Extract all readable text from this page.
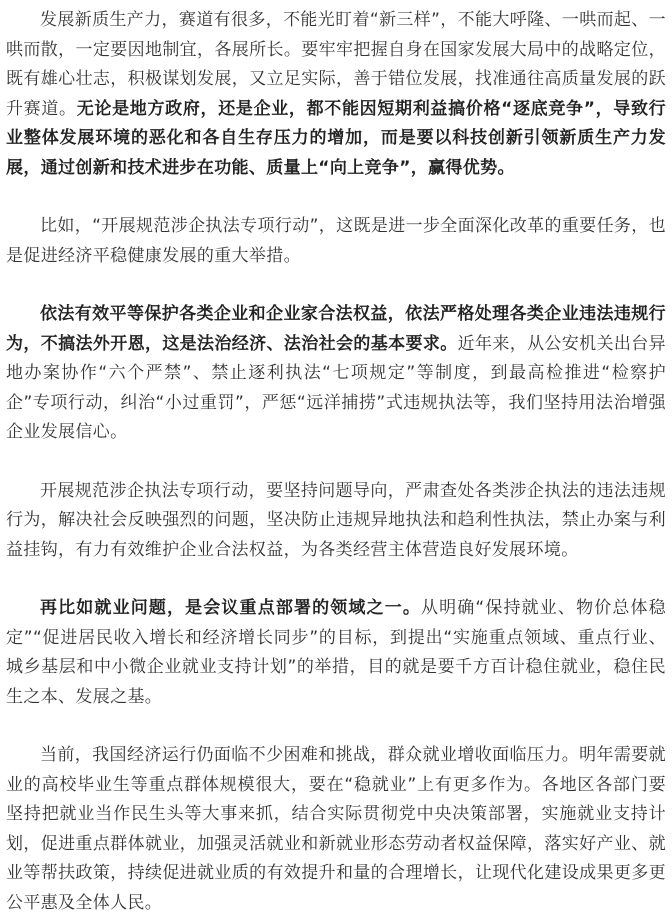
发展新质生产力，赛道有很多，不能光盯着“新三样”，不能大呼隆、一哄而起、一哄而散，一定要因地制宜，各展所长。要牢牢把握自身在国家发展大局中的战略定位，既有雄心壮志，积极谋划发展，又立足实际，善于错位发展，找准通往高质量发展的跃升赛道。无论是地方政府，还是企业，都不能因短期利益搞价格“逐底竞争”，导致行业整体发展环境的恶化和各自生存压力的增加，而是要以科技创新引领新质生产力发展，通过创新和技术进步在功能、质量上“向上竞争”，赢得优势。

比如，“开展规范涉企执法专项行动”，这既是进一步全面深化改革的重要任务，也是促进经济平稳健康发展的重大举措。

依法有效平等保护各类企业和企业家合法权益，依法严格处理各类企业违法违规行为，不搞法外开恩，这是法治经济、法治社会的基本要求。近年来，从公安机关出台异地办案协作“六个严禁”、禁止逐利执法“七项规定”等制度，到最高检推进“检察护企”专项行动，纠治“小过重罚”，严惩“远洋捕捞”式违规执法等，我们坚持用法治增强企业发展信心。

开展规范涉企执法专项行动，要坚持问题导向，严肃查处各类涉企执法的违法违规行为，解决社会反映强烈的问题，坚决防止违规异地执法和趋利性执法，禁止办案与利益挂钩，有力有效维护企业合法权益，为各类经营主体营造良好发展环境。

再比如就业问题，是会议重点部署的领域之一。从明确“保持就业、物价总体稳定”“促进居民收入增长和经济增长同步”的目标，到提出“实施重点领域、重点行业、城乡基层和中小微企业就业支持计划”的举措，目的就是要千方百计稳住就业，稳住民生之本、发展之基。

当前，我国经济运行仍面临不少困难和挑战，群众就业增收面临压力。明年需要就业的高校毕业生等重点群体规模很大，要在“稳就业”上有更多作为。各地区各部门要坚持把就业当作民生头等大事来抓，结合实际贯彻党中央决策部署，实施就业支持计划，促进重点群体就业，加强灵活就业和新就业形态劳动者权益保障，落实好产业、就业等帮扶政策，持续促进就业质的有效提升和量的合理增长，让现代化建设成果更多更公平惠及全体人民。
